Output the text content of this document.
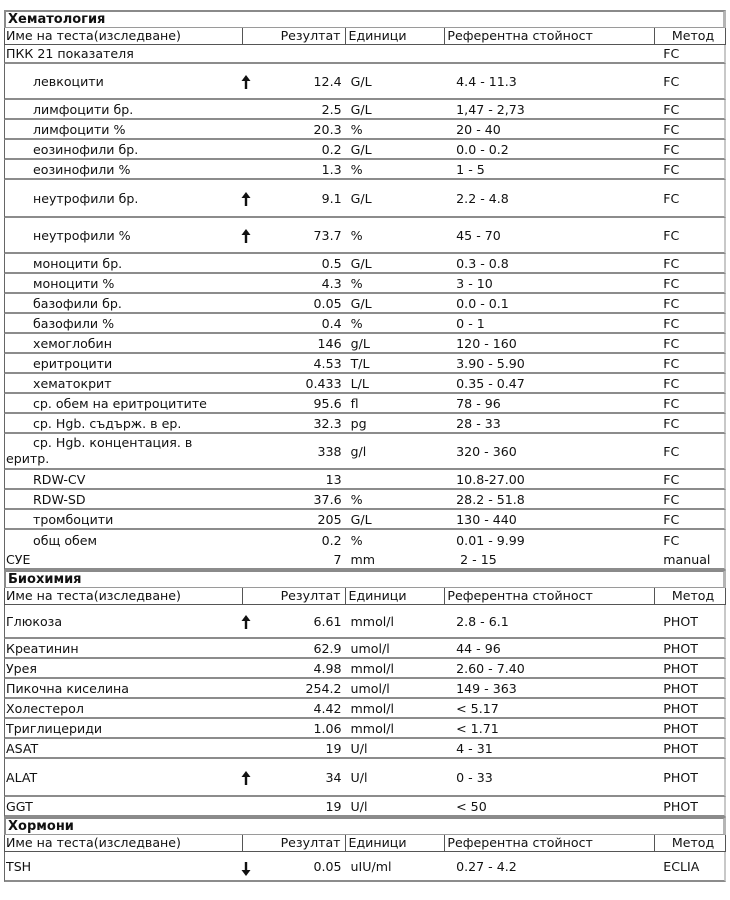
Хематология
Име на теста(изследване)	Резултат Единици	Референтна стойност	Метод
ПКК 21 показателя	FC
левкоцити	12.4 G/L	4.4 - 11.3	FC
лимфоцити бр.	2.5 G/L	1,47 - 2,73	FC
лимфоцити %	20.3 %	20 - 40	FC
еозинофили бр.	0.2 G/L	0.0 - 0.2	FC
еозинофили %	1.3 %	1 - 5	FC
неутрофили бр.	9.1 G/L	2.2 - 4.8	FC
неутрофили %	73.7 %	45 - 70	FC
моноцити бр.	0.5 G/L	0.3 - 0.8	FC
моноцити %	4.3 %	3 - 10	FC
базофили бр.	0.05 G/L	0.0 - 0.1	FC
базофили %	0.4 %	0 - 1	FC
хемоглобин	146 g/L	120 - 160	FC
еритроцити	4.53 T/L	3.90 - 5.90	FC
хематокрит	0.433 L/L	0.35 - 0.47	FC
ср. обем на еритроцитите	95.6 fl	78 - 96	FC
ср. Hgb. съдърж. в ер.	32.3 pg	28 - 33	FC
ср. Hgb. концентация. в
еритр.	338 g/l	320 - 360	FC
RDW-CV	13	10.8-27.00	FC
RDW-SD	37.6 %	28.2 - 51.8	FC
тромбоцити	205 G/L	130 - 440	FC
общ обем	0.2 %	0.01 - 9.99	FC
СУЕ	7 mm	2 - 15	manual
Биохимия
Име на теста(изследване)	Резултат Единици	Референтна стойност	Метод
Глюкоза	6.61 mmol/l	2.8 - 6.1	PHOT
Креатинин	62.9 umol/l	44 - 96	PHOT
Урея	4.98 mmol/l	2.60 - 7.40	PHOT
Пикочна киселина	254.2 umol/l	149 - 363	PHOT
Холестерол	4.42 mmol/l	< 5.17	PHOT
Триглицериди	1.06 mmol/l	< 1.71	PHOT
ASAT	19 U/l	4 - 31	PHOT
ALAT	34 U/l	0 - 33	PHOT
GGT	19 U/l	< 50	PHOT
Хормони
Име на теста(изследване)	Резултат Единици	Референтна стойност	Метод
TSH	0.05 uIU/ml	0.27 - 4.2	ECLIA
